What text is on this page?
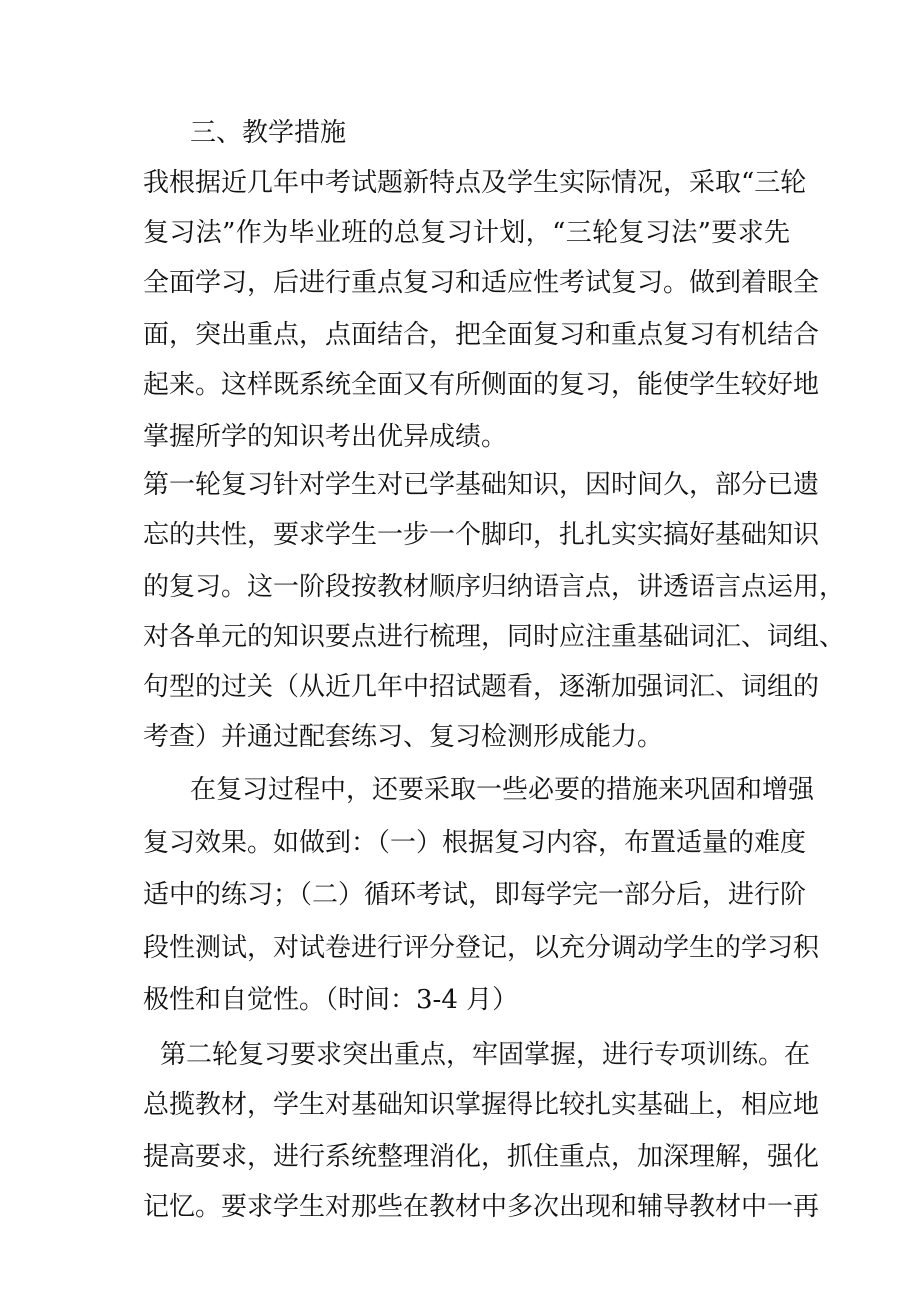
三、教学措施
我根据近几年中考试题新特点及学生实际情况，采取“三轮
复习法”作为毕业班的总复习计划，“三轮复习法”要求先
全面学习，后进行重点复习和适应性考试复习。做到着眼全
面，突出重点，点面结合，把全面复习和重点复习有机结合
起来。这样既系统全面又有所侧面的复习，能使学生较好地
掌握所学的知识考出优异成绩。
第一轮复习针对学生对已学基础知识，因时间久，部分已遗
忘的共性，要求学生一步一个脚印，扎扎实实搞好基础知识
的复习。这一阶段按教材顺序归纳语言点，讲透语言点运用，
对各单元的知识要点进行梳理，同时应注重基础词汇、词组、
句型的过关（从近几年中招试题看，逐渐加强词汇、词组的
考查）并通过配套练习、复习检测形成能力。
在复习过程中，还要采取一些必要的措施来巩固和增强
复习效果。如做到：（一）根据复习内容，布置适量的难度
适中的练习；（二）循环考试，即每学完一部分后，进行阶
段性测试，对试卷进行评分登记，以充分调动学生的学习积
极性和自觉性。（时间：3-4 月）
第二轮复习要求突出重点，牢固掌握，进行专项训练。在
总揽教材，学生对基础知识掌握得比较扎实基础上，相应地
提高要求，进行系统整理消化，抓住重点，加深理解，强化
记忆。要求学生对那些在教材中多次出现和辅导教材中一再
